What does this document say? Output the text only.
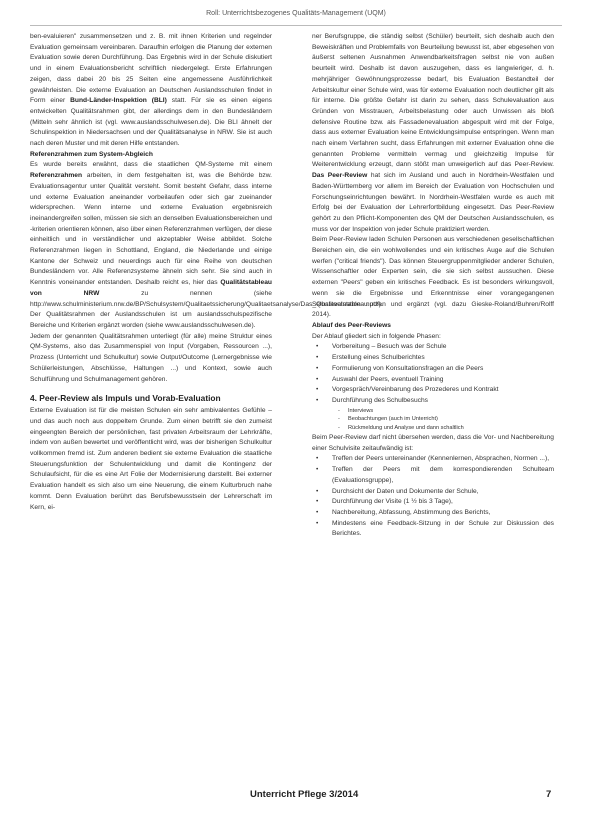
Roll: Unterrichtsbezogenes Qualitäts-Management (UQM)

ben-evaluieren" zusammensetzen und z. B. mit ihnen Kriterien und regelnder Evaluation gemeinsam vereinbaren. Daraufhin erfolgen die Planung der externen Evaluation sowie deren Durchführung. Das Ergebnis wird in der Schule diskutiert und in einem Evaluationsbericht schriftlich niedergelegt. Erste Erfahrungen zeigen, dass dabei 20 bis 25 Seiten eine angemessene Ausführlichkeit gewährleisten. Die externe Evaluation an Deutschen Auslandsschulen findet in Form einer Bund-Länder-Inspektion (BLI) statt. Für sie es einen eigens entwickelten Qualitätsrahmen gibt, der allerdings dem in den Bundesländern (Mitteln sehr ähnlich ist (vgl. www.auslandsschulwesen.de). Die BLI ähnelt der Schulinspektion in Niedersachsen und der Qualitätsanalyse in NRW. Sie ist auch nach deren Muster und mit deren Hilfe entstanden.

Referenzrahmen zum System-Abgleich

Es wurde bereits erwähnt, dass die staatlichen QM-Systeme mit einem Referenzrahmen arbeiten, in dem festgehalten ist, was die Behörde bzw. Evaluationsagentur unter Qualität versteht. Somit besteht Gefahr, dass interne und externe Evaluation aneinander vorbeilaufen oder sich gar zueinander widersprechen. Wenn interne und externe Evaluation ergebnisreich ineinandergreifen sollen, müssen sie sich an denselben Evaluationsbereichen und -kriterien orientieren können, also über einen Referenzrahmen verfügen, der diese einheitlich und in verständlicher und akzeptabler Weise abbildet. Solche Referenzrahmen liegen in Schottland, England, die Niederlande und einige Kantone der Schweiz und neuerdings auch für eine Reihe von deutschen Bundesländern vor. Alle Referenzsysteme ähneln sich sehr. Sie sind auch in Kenntnis voneinander entstanden. Deshalb reicht es, hier das Qualitätstableau von NRW	zu nennen (siehe http://www.schulministerium.nrw.de/BP/Schulsystem/Qualitaetssicherung/Qualitaetsanalyse/Das_Qualitaetstableau.pdf).

Der Qualitätsrahmen der Auslandsschulen ist um auslandsschulspezifische Bereiche und Kriterien ergänzt worden (siehe www.auslandsschulwesen.de).

Jedem der genannten Qualitätsrahmen unterliegt (für alle) meine Struktur eines QM-Systems, also das Zusammenspiel von Input (Vorgaben, Ressourcen ...), Prozess (Unterricht und Schulkultur) sowie Output/Outcome (Lernergebnisse wie Schülerleistungen, Abschlüsse, Haltungen ...) und Kontext, sowie auch Schulführung und Schulmanagement gehören.

4. Peer-Review als Impuls und Vorab-Evaluation

Externe Evaluation ist für die meisten Schulen ein sehr ambivalentes Gefühle – und das auch noch aus doppeltem Grunde. Zum einen betrifft sie den zumeist eingeengten Bereich der persönlichen, fast privaten Arbeitsraum der Lehrkräfte, indem von außen bewertet und veröffentlicht wird, was der bisherigen Schulkultur vollkommen fremd ist. Zum anderen bedient sie externe Evaluation die staatliche Steuerungsfunktion der Schulentwicklung und damit die Kontingenz der Schulaufsicht, für die es eine Art Folie der Modernisierung darstellt. Bei externer Evaluation handelt es sich also um eine Neuerung, die einem Kulturbruch nahe kommt. Denn Evaluation berührt das Berufsbewusstsein der Lehrerschaft im Kern, ei-

ner Berufsgruppe, die ständig selbst (Schüler) beurteilt, sich deshalb auch den Beweiskräften und Problemfalls von Beurteilung bewusst ist, aber ebgesehen von äußerst seltenen Ausnahmen Anwendbarkeitsfragen selbst nie von außen beurteilt wird. Deshalb ist davon auszugehen, dass es langwieriger, d. h. mehrjähriger Gewöhnungsprozesse bedarf, bis Evaluation Bestandteil der Arbeitskultur einer Schule wird, was für externe Evaluation noch deutlicher gilt als für interne. Die größte Gefahr ist darin zu sehen, dass Schulevaluation aus Gründen von Misstrauen, Arbeitsbelastung oder auch Unwissen als bloß defensive Routine bzw. als Fassadenevaluation abgespult wird mit der Folge, dass aus externer Evaluation keine Entwicklungsimpulse entspringen. Wenn man nach einem Verfahren sucht, dass Erfahrungen mit externer Evaluation ohne die genannten Probleme vermitteln vermag und gleichzeitig Impulse für Weiterentwicklung erzeugt, dann stößt man unweigerlich auf das Peer-Review. Das Peer-Review hat sich im Ausland und auch in Nordrhein-Westfalen und Baden-Württemberg vor allem im Bereich der Evaluation von Hochschulen und Forschungseinrichtungen bewährt. In Nordrhein-Westfalen wurde es auch mit Erfolg bei der Evaluation der Lehrerfortbildung eingesetzt. Das Peer-Review gehört zu den Pflicht-Komponenten des QM der Deutschen Auslandsschulen, es muss vor der Inspektion von jeder Schule praktiziert werden.

Beim Peer-Review laden Schulen Personen aus verschiedenen gesellschaftlichen Bereichen ein, die ein wohlwollendes und ein kritisches Auge auf die Schulen werfen ("critical friends"). Das können Steuergruppenmitglieder anderer Schulen, Wissenschaftler oder Experten sein, die sie sich selbst aussuchen. Diese externen "Peers" geben ein kritisches Feedback. Es ist besonders wirkungsvoll, wenn sie die Ergebnisse und Erkenntnisse einer vorangegangenen Selbstevaluation nutzen und ergänzt (vgl. dazu Gieske-Roland/Buhren/Rolff 2014).

Ablauf des Peer-Reviews

Der Ablauf gliedert sich in folgende Phasen:

• Vorbereitung – Besuch was der Schule
• Erstellung eines Schulberichtes
• Formulierung von Konsultationsfragen an die Peers
• Auswahl der Peers, eventuell Training
• Vorgespräch/Vereinbarung des Prozederes und Kontrakt
• Durchführung des Schulbesuchs
- Interviews
- Beobachtungen (auch im Unterricht)
- Rückmeldung und Analyse und dann schaltlich

Beim Peer-Review darf nicht übersehen werden, dass die Vor- und Nachbereitung einer Schulvisite zeitaufwändig ist:

• Treffen der Peers untereinander (Kennenlernen, Absprachen, Normen ...),
• Treffen der Peers mit dem korrespondierenden Schulteam (Evaluationsgruppe),
• Durchsicht der Daten und Dokumente der Schule,
• Durchführung der Visite (1 ½ bis 3 Tage),
• Nachbereitung, Abfassung, Abstimmung des Berichts,
• Mindestens eine Feedback-Sitzung in der Schule zur Diskussion des Berichtes.
Unterricht Pflege 3/2014	7
